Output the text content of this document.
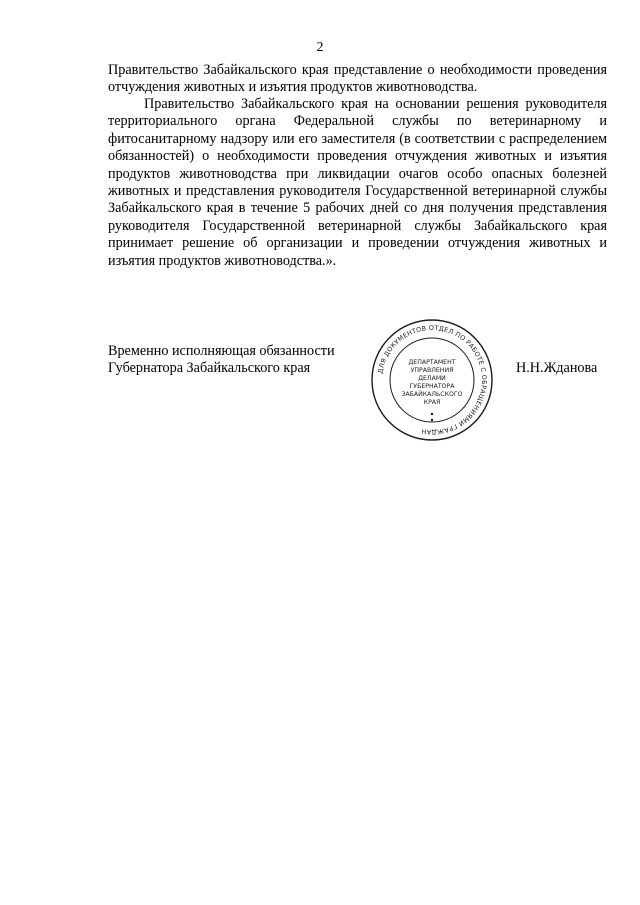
2
Правительство Забайкальского края представление о необходимости проведения отчуждения животных и изъятия продуктов животноводства.
Правительство Забайкальского края на основании решения руководителя территориального органа Федеральной службы по ветеринарному и фитосанитарному надзору или его заместителя (в соответствии с распределением обязанностей) о необходимости проведения отчуждения животных и изъятия продуктов животноводства при ликвидации очагов особо опасных болезней животных и представления руководителя Государственной ветеринарной службы Забайкальского края в течение 5 рабочих дней со дня получения представления руководителя Государственной ветеринарной службы Забайкальского края принимает решение об организации и проведении отчуждения животных и изъятия продуктов животноводства.».
Временно исполняющая обязанности
Губернатора Забайкальского края	Н.Н.Жданова
ДЛЯ ДОКУМЕНТОВ ОТДЕЛ ПО РАБОТЕ С ОБРАЩЕНИЯМИ ГРАЖДАН
ДЕПАРТАМЕНТ
УПРАВЛЕНИЯ
ДЕЛАМИ
ГУБЕРНАТОРА
ЗАБАЙКАЛЬСКОГО
КРАЯ
